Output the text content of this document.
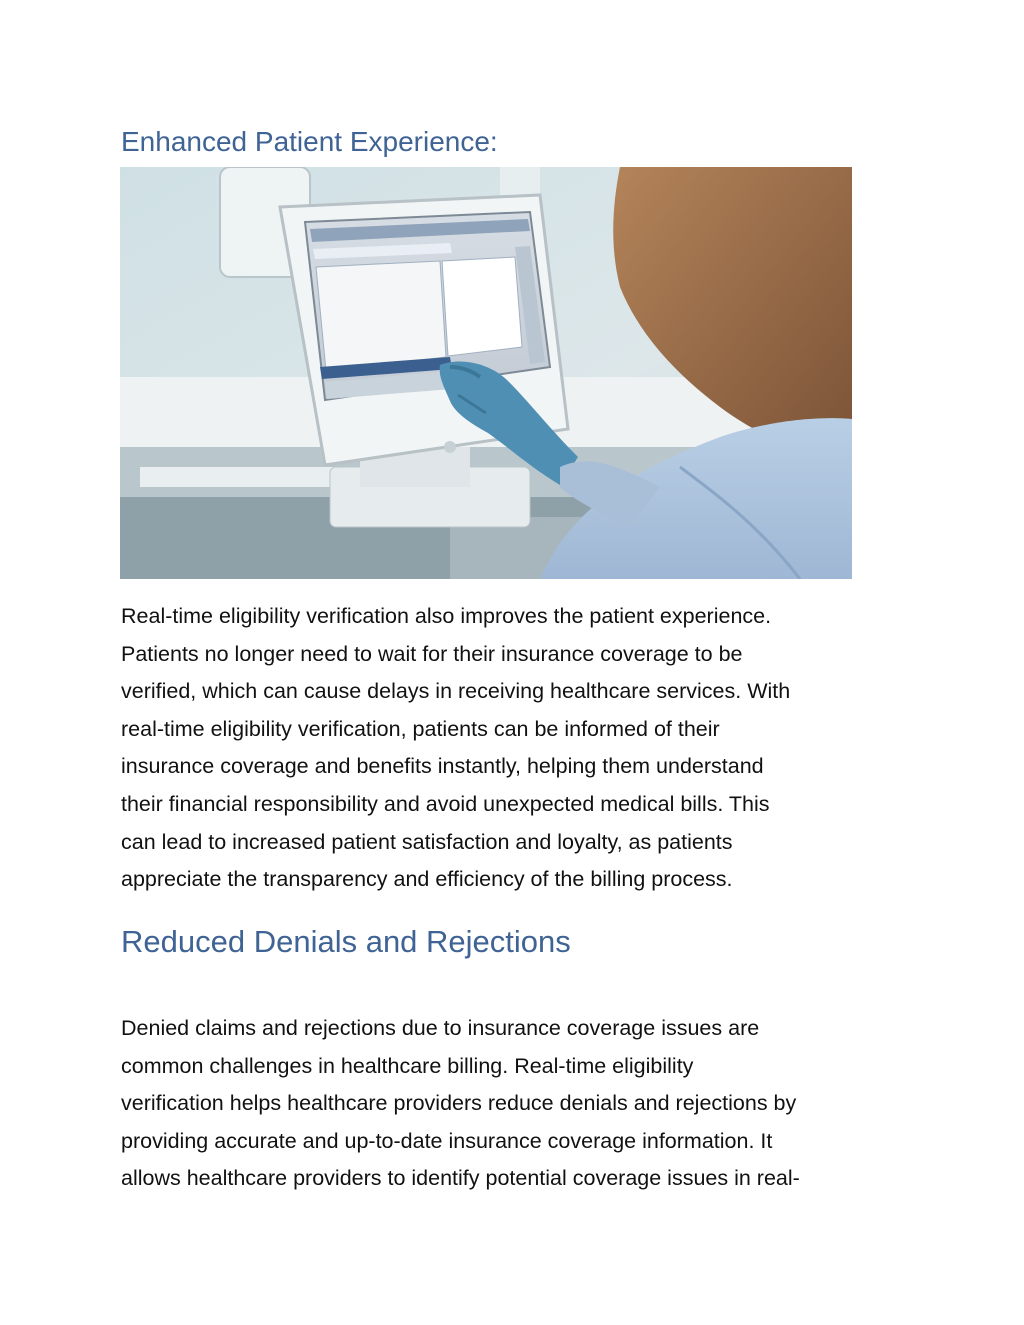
Enhanced Patient Experience:

Real-time eligibility verification also improves the patient experience.
Patients no longer need to wait for their insurance coverage to be
verified, which can cause delays in receiving healthcare services. With
real-time eligibility verification, patients can be informed of their
insurance coverage and benefits instantly, helping them understand
their financial responsibility and avoid unexpected medical bills. This
can lead to increased patient satisfaction and loyalty, as patients
appreciate the transparency and efficiency of the billing process.

Reduced Denials and Rejections

Denied claims and rejections due to insurance coverage issues are
common challenges in healthcare billing. Real-time eligibility
verification helps healthcare providers reduce denials and rejections by
providing accurate and up-to-date insurance coverage information. It
allows healthcare providers to identify potential coverage issues in real-
